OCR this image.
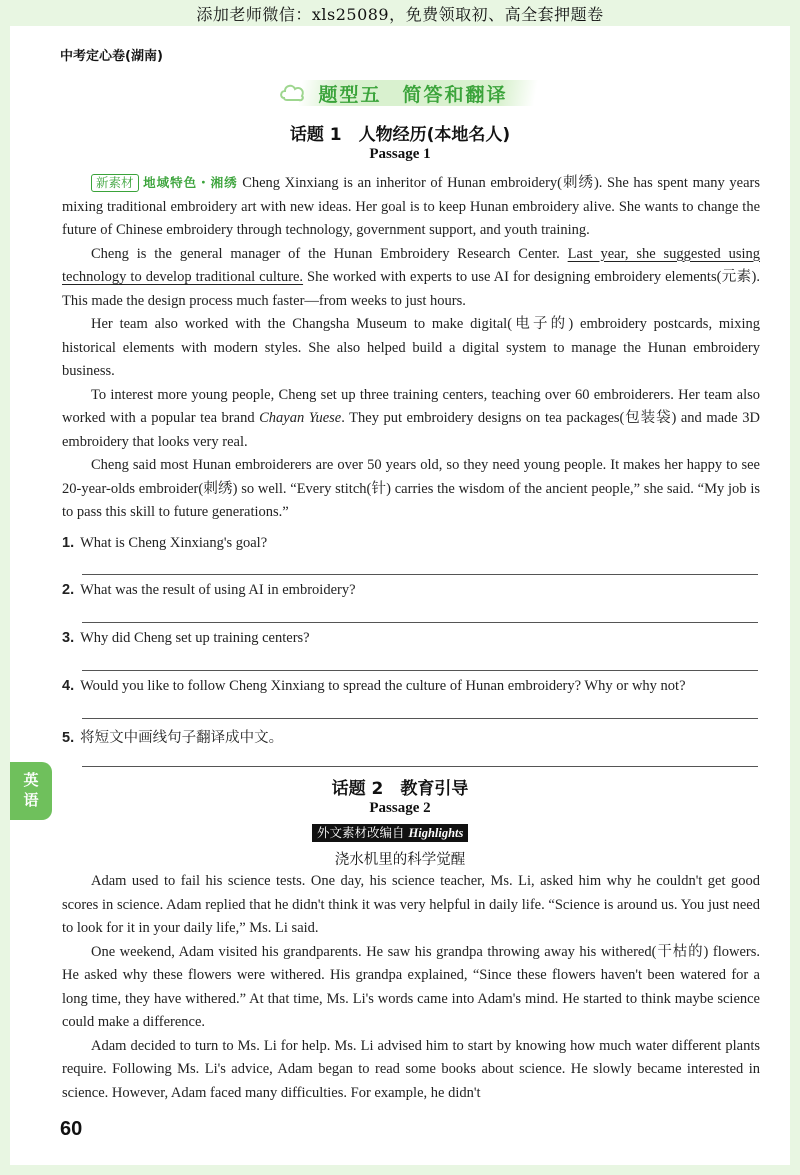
添加老师微信：xls25089，免费领取初、高全套押题卷
中考定心卷(湖南)
题型五　简答和翻译
话题 1　人物经历(本地名人)
Passage 1

新素材 地域特色・湘绣 Cheng Xinxiang is an inheritor of Hunan embroidery(刺绣). She has spent many years mixing traditional embroidery art with new ideas. Her goal is to keep Hunan embroidery alive. She wants to change the future of Chinese embroidery through technology, government support, and youth training.

Cheng is the general manager of the Hunan Embroidery Research Center. Last year, she suggested using technology to develop traditional culture. She worked with experts to use AI for designing embroidery elements(元素). This made the design process much faster—from weeks to just hours.

Her team also worked with the Changsha Museum to make digital(电子的) embroidery postcards, mixing historical elements with modern styles. She also helped build a digital system to manage the Hunan embroidery business.

To interest more young people, Cheng set up three training centers, teaching over 60 embroiderers. Her team also worked with a popular tea brand Chayan Yuese. They put embroidery designs on tea packages(包装袋) and made 3D embroidery that looks very real.

Cheng said most Hunan embroiderers are over 50 years old, so they need young people. It makes her happy to see 20-year-olds embroider(刺绣) so well. “Every stitch(针) carries the wisdom of the ancient people,” she said. “My job is to pass this skill to future generations.”

1. What is Cheng Xinxiang's goal?
2. What was the result of using AI in embroidery?
3. Why did Cheng set up training centers?
4. Would you like to follow Cheng Xinxiang to spread the culture of Hunan embroidery? Why or why not?
5. 将短文中画线句子翻译成中文。
英
语
话题 2　教育引导
Passage 2
外文素材改编自 Highlights
浇水机里的科学觉醒

Adam used to fail his science tests. One day, his science teacher, Ms. Li, asked him why he couldn't get good scores in science. Adam replied that he didn't think it was very helpful in daily life. “Science is around us. You just need to look for it in your daily life,” Ms. Li said.

One weekend, Adam visited his grandparents. He saw his grandpa throwing away his withered(干枯的) flowers. He asked why these flowers were withered. His grandpa explained, “Since these flowers haven't been watered for a long time, they have withered.” At that time, Ms. Li's words came into Adam's mind. He started to think maybe science could make a difference.

Adam decided to turn to Ms. Li for help. Ms. Li advised him to start by knowing how much water different plants require. Following Ms. Li's advice, Adam began to read some books about science. He slowly became interested in science. However, Adam faced many difficulties. For example, he didn't

60
